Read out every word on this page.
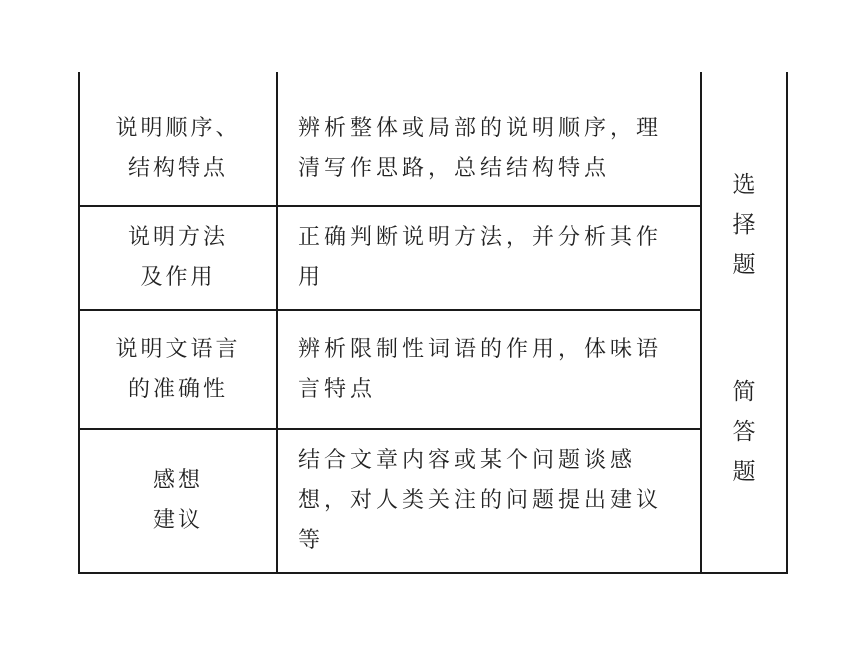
说明顺序、
结构特点
辨析整体或局部的说明顺序，理
清写作思路，总结结构特点
说明方法
及作用
正确判断说明方法，并分析其作
用
说明文语言
的准确性
辨析限制性词语的作用，体味语
言特点
感想
建议
结合文章内容或某个问题谈感
想，对人类关注的问题提出建议
等
选
择
题
简
答
题
